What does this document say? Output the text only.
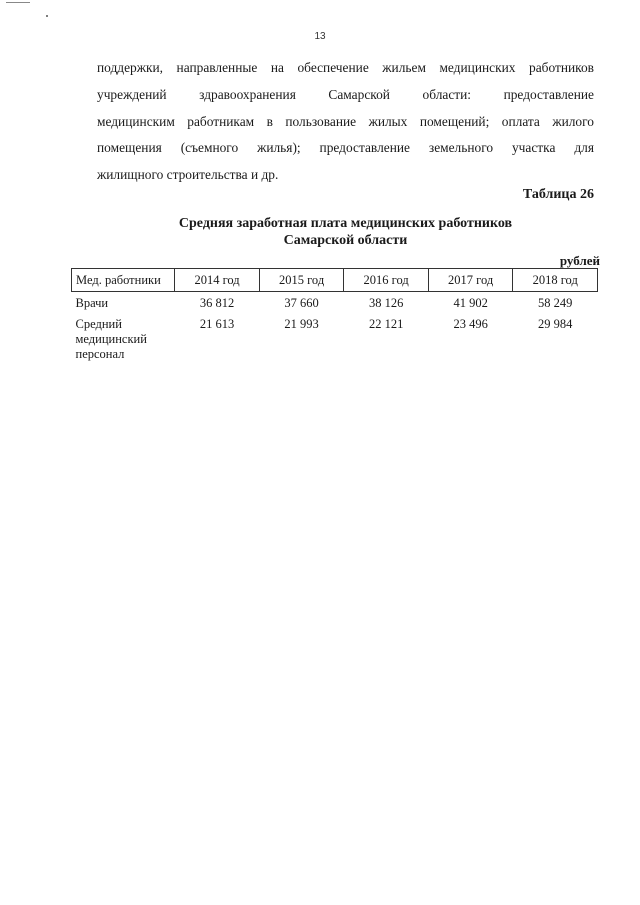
13
поддержки, направленные на обеспечение жильем медицинских работников
учреждений здравоохранения Самарской области: предоставление
медицинским работникам в пользование жилых помещений; оплата жилого
помещения (съемного жилья); предоставление земельного участка для
жилищного строительства и др.
Таблица 26
Средняя заработная плата медицинских работников
Самарской области
рублей
Мед. работники	2014 год	2015 год	2016 год	2017 год	2018 год
Врачи	36 812	37 660	38 126	41 902	58 249
Средний медицинский персонал	21 613	21 993	22 121	23 496	29 984
